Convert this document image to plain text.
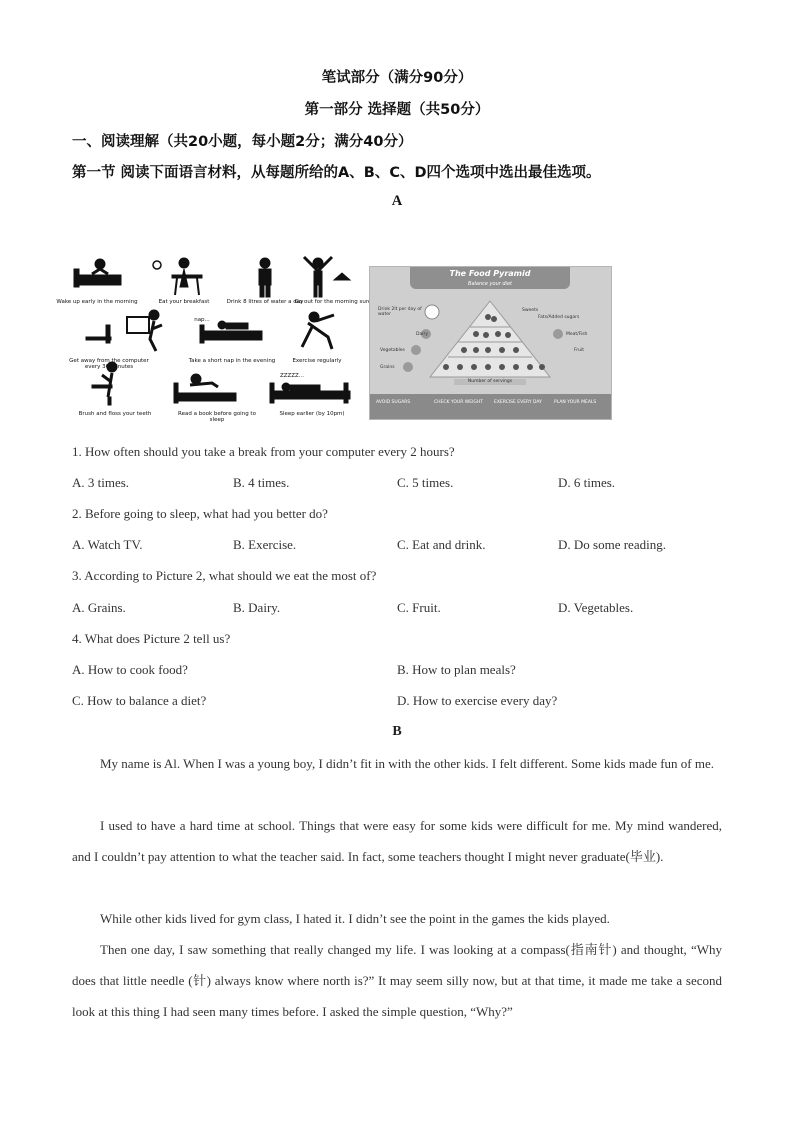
笔试部分（满分90分）
第一部分 选择题（共50分）
一、阅读理解（共20小题，每小题2分；满分40分）
第一节 阅读下面语言材料，从每题所给的A、B、C、D四个选项中选出最佳选项。
A
Wake up early in the morning	Eat your breakfast	Drink 8 litres of water a day
Go out for the morning sun
Get away from the computer every 30 minutes
Take a short nap in the evening	Exercise regularly
Brush and floss your teeth	Read a book before going to sleep
Sleep earlier (by 10pm)
nap...
ZZZZZ...
The Food Pyramid
Balance your diet
Drink 2lt per day of water
Sweets
Fats/Added sugars
Dairy	Meat/Fish
Vegetables	Fruit
Grains
Number of servings
AVOID SUGARS	CHECK YOUR WEIGHT EXERCISE EVERY DAY	PLAN YOUR MEALS
1. How often should you take a break from your computer every 2 hours?
A. 3 times.	B. 4 times.	C. 5 times.	D. 6 times.
2. Before going to sleep, what had you better do?
A. Watch TV.	B. Exercise.	C. Eat and drink.	D. Do some reading.
3. According to Picture 2, what should we eat the most of?
A. Grains.	B. Dairy.	C. Fruit.	D. Vegetables.
4. What does Picture 2 tell us?
A. How to cook food?	B. How to plan meals?
C. How to balance a diet?	D. How to exercise every day?
B
My name is Al. When I was a young boy, I didn’t fit in with the other kids. I felt different. Some kids made fun of me.
I used to have a hard time at school. Things that were easy for some kids were difficult for me. My mind wandered, and I couldn’t pay attention to what the teacher said. In fact, some teachers thought I might never graduate(毕业).
While other kids lived for gym class, I hated it. I didn’t see the point in the games the kids played.
Then one day, I saw something that really changed my life. I was looking at a compass(指南针) and thought, “Why does that little needle (针) always know where north is?” It may seem silly now, but at that time, it made me take a second look at this thing I had seen many times before. I asked the simple question, “Why?”
